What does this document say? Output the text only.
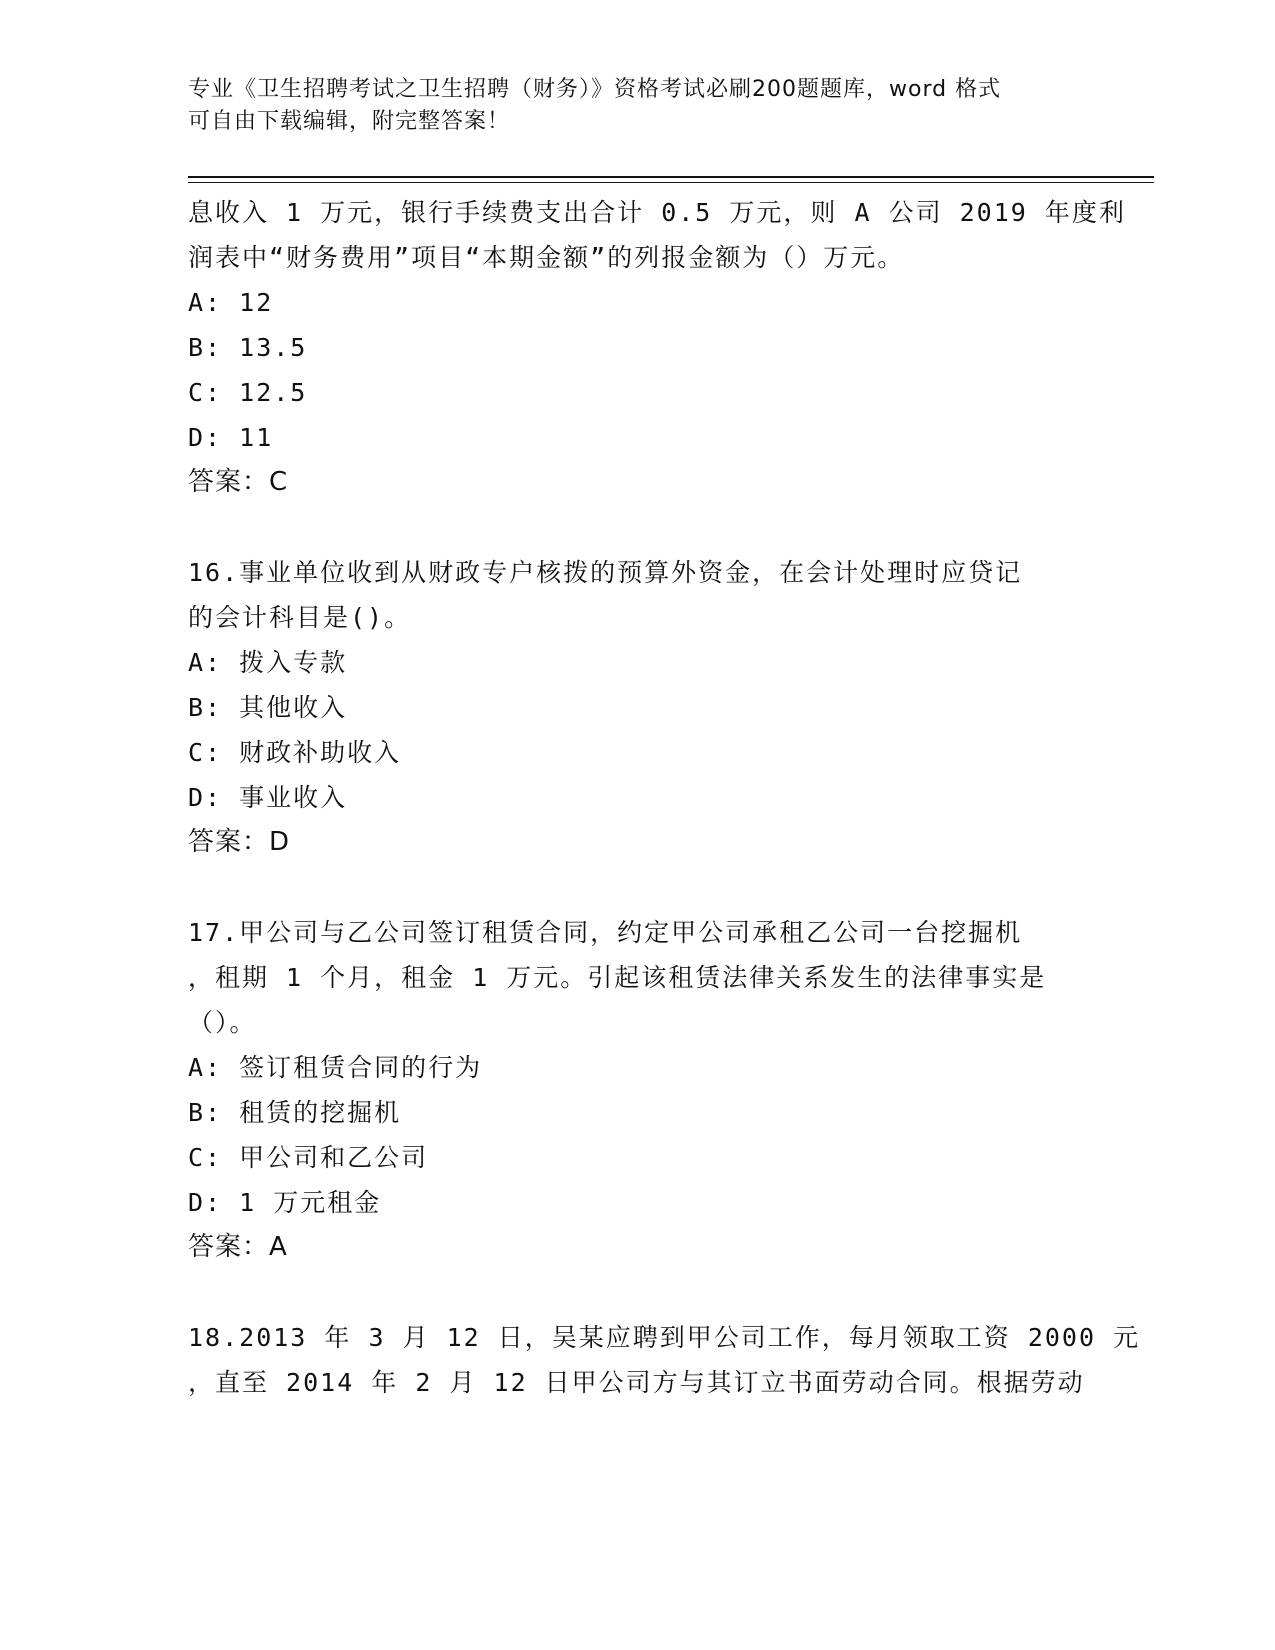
专业《卫生招聘考试之卫生招聘（财务）》资格考试必刷200题题库，word 格式
可自由下载编辑，附完整答案！
息收入 1 万元，银行手续费支出合计 0.5 万元，则 A 公司 2019 年度利
润表中“财务费用”项目“本期金额”的列报金额为（）万元。
A: 12
B: 13.5
C: 12.5
D: 11
答案：C
16.事业单位收到从财政专户核拨的预算外资金，在会计处理时应贷记
的会计科目是()。
A: 拨入专款
B: 其他收入
C: 财政补助收入
D: 事业收入
答案：D
17.甲公司与乙公司签订租赁合同，约定甲公司承租乙公司一台挖掘机
，租期 1 个月，租金 1 万元。引起该租赁法律关系发生的法律事实是
（）。
A: 签订租赁合同的行为
B: 租赁的挖掘机
C: 甲公司和乙公司
D: 1 万元租金
答案：A
18.2013 年 3 月 12 日，吴某应聘到甲公司工作，每月领取工资 2000 元
，直至 2014 年 2 月 12 日甲公司方与其订立书面劳动合同。根据劳动
